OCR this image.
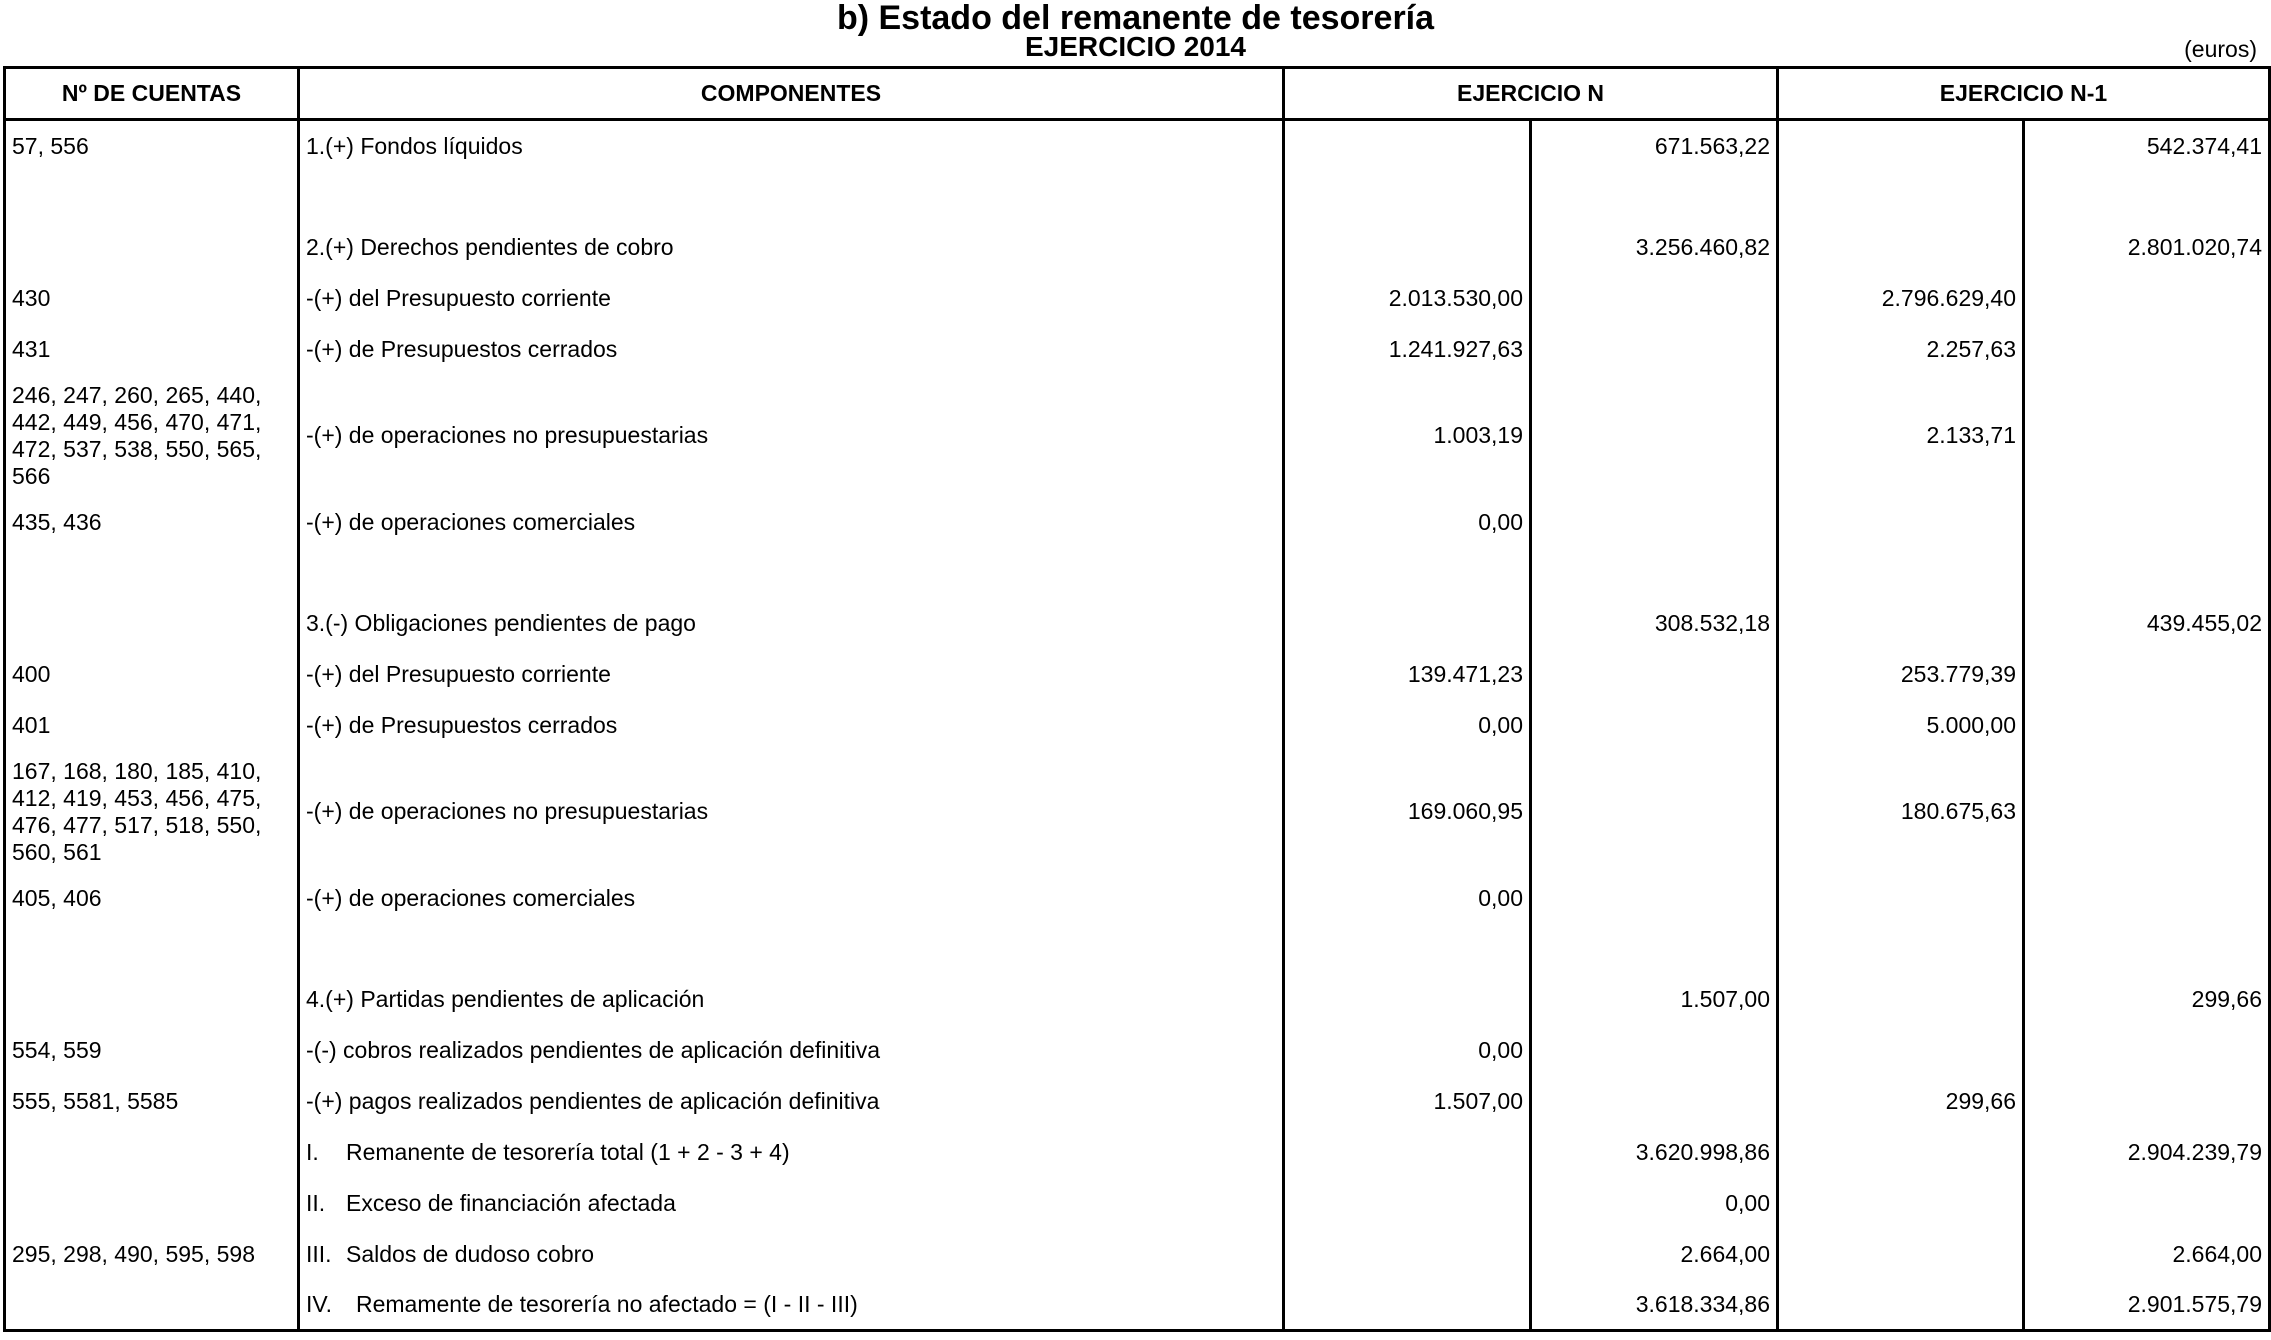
b) Estado del remanente de tesorería
EJERCICIO 2014	(euros)
Nº DE CUENTAS	COMPONENTES	EJERCICIO N		EJERCICIO N-1	
57, 556	1.(+) Fondos líquidos		671.563,22		542.374,41

	2.(+) Derechos pendientes de cobro		3.256.460,82		2.801.020,74
430	-(+) del Presupuesto corriente	2.013.530,00		2.796.629,40	
431	-(+) de Presupuestos cerrados	1.241.927,63		2.257,63	
246, 247, 260, 265, 440, 442, 449, 456, 470, 471, 472, 537, 538, 550, 565, 566	-(+) de operaciones no presupuestarias	1.003,19		2.133,71	
435, 436	-(+) de operaciones comerciales	0,00			

	3.(-) Obligaciones pendientes de pago		308.532,18		439.455,02
400	-(+) del Presupuesto corriente	139.471,23		253.779,39	
401	-(+) de Presupuestos cerrados	0,00		5.000,00	
167, 168, 180, 185, 410, 412, 419, 453, 456, 475, 476, 477, 517, 518, 550, 560, 561	-(+) de operaciones no presupuestarias	169.060,95		180.675,63	
405, 406	-(+) de operaciones comerciales	0,00			

	4.(+) Partidas pendientes de aplicación		1.507,00		299,66
554, 559	-(-) cobros realizados pendientes de aplicación definitiva	0,00			
555, 5581, 5585	-(+) pagos realizados pendientes de aplicación definitiva	1.507,00		299,66	
	I. Remanente de tesorería total (1 + 2 - 3 + 4)		3.620.998,86		2.904.239,79
	II. Exceso de financiación afectada		0,00		
295, 298, 490, 595, 598	III. Saldos de dudoso cobro		2.664,00		2.664,00
	IV. Remamente de tesorería no afectado = (I - II - III)		3.618.334,86		2.901.575,79
